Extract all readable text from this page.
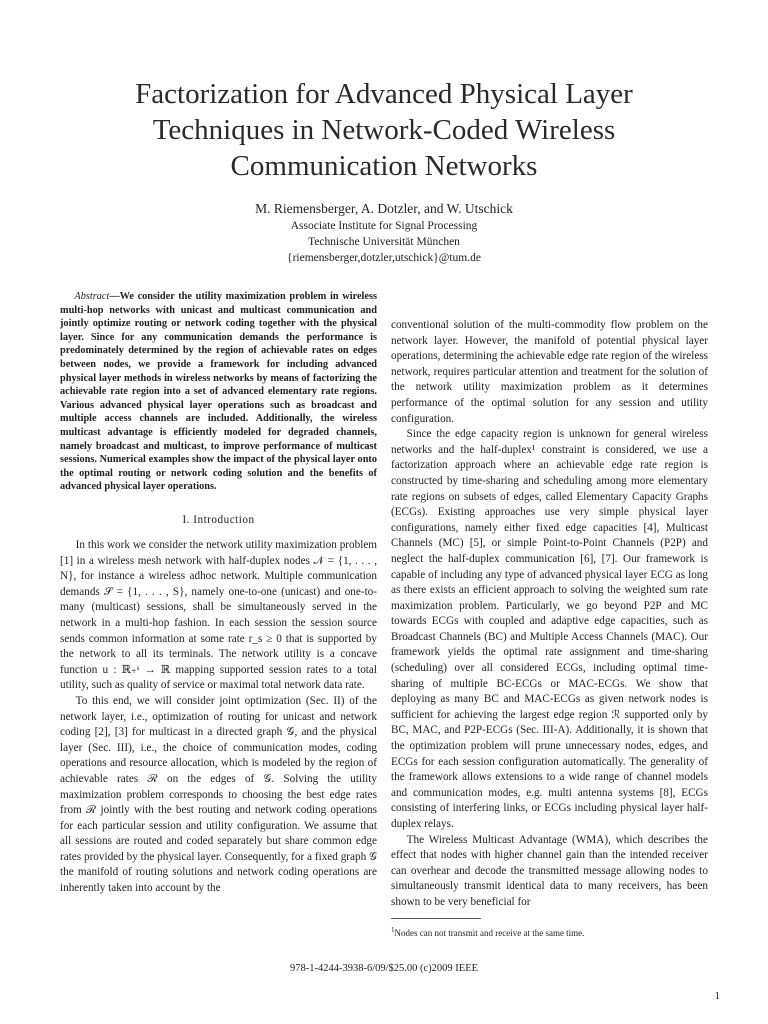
Factorization for Advanced Physical Layer Techniques in Network-Coded Wireless Communication Networks
M. Riemensberger, A. Dotzler, and W. Utschick
Associate Institute for Signal Processing
Technische Universität München
{riemensberger,dotzler,utschick}@tum.de
Abstract—We consider the utility maximization problem in wireless multi-hop networks with unicast and multicast communication and jointly optimize routing or network coding together with the physical layer. Since for any communication demands the performance is predominately determined by the region of achievable rates on edges between nodes, we provide a framework for including advanced physical layer methods in wireless networks by means of factorizing the achievable rate region into a set of advanced elementary rate regions. Various advanced physical layer operations such as broadcast and multiple access channels are included. Additionally, the wireless multicast advantage is efficiently modeled for degraded channels, namely broadcast and multicast, to improve performance of multicast sessions. Numerical examples show the impact of the physical layer onto the optimal routing or network coding solution and the benefits of advanced physical layer operations.
I. Introduction

In this work we consider the network utility maximization problem [1] in a wireless mesh network with half-duplex nodes 𝒩 = {1, . . . , N}, for instance a wireless adhoc network. Multiple communication demands 𝒮 = {1, . . . , S}, namely one-to-one (unicast) and one-to-many (multicast) sessions, shall be simultaneously served in the network in a multi-hop fashion. In each session the session source sends common information at some rate r_s ≥ 0 that is supported by the network to all its terminals. The network utility is a concave function u : ℝ₊ˢ → ℝ mapping supported session rates to a total utility, such as quality of service or maximal total network data rate.

To this end, we will consider joint optimization (Sec. II) of the network layer, i.e., optimization of routing for unicast and network coding [2], [3] for multicast in a directed graph 𝒢, and the physical layer (Sec. III), i.e., the choice of communication modes, coding operations and resource allocation, which is modeled by the region of achievable rates ℛ on the edges of 𝒢. Solving the utility maximization problem corresponds to choosing the best edge rates from ℛ jointly with the best routing and network coding operations for each particular session and utility configuration. We assume that all sessions are routed and coded separately but share common edge rates provided by the physical layer. Consequently, for a fixed graph 𝒢 the manifold of routing solutions and network coding operations are inherently taken into account by the

conventional solution of the multi-commodity flow problem on the network layer. However, the manifold of potential physical layer operations, determining the achievable edge rate region of the wireless network, requires particular attention and treatment for the solution of the network utility maximization problem as it determines performance of the optimal solution for any session and utility configuration.

Since the edge capacity region is unknown for general wireless networks and the half-duplex¹ constraint is considered, we use a factorization approach where an achievable edge rate region is constructed by time-sharing and scheduling among more elementary rate regions on subsets of edges, called Elementary Capacity Graphs (ECGs). Existing approaches use very simple physical layer configurations, namely either fixed edge capacities [4], Multicast Channels (MC) [5], or simple Point-to-Point Channels (P2P) and neglect the half-duplex communication [6], [7]. Our framework is capable of including any type of advanced physical layer ECG as long as there exists an efficient approach to solving the weighted sum rate maximization problem. Particularly, we go beyond P2P and MC towards ECGs with coupled and adaptive edge capacities, such as Broadcast Channels (BC) and Multiple Access Channels (MAC). Our framework yields the optimal rate assignment and time-sharing (scheduling) over all considered ECGs, including optimal time-sharing of multiple BC-ECGs or MAC-ECGs. We show that deploying as many BC and MAC-ECGs as given network nodes is sufficient for achieving the largest edge region ℛ supported only by BC, MAC, and P2P-ECGs (Sec. III-A). Additionally, it is shown that the optimization problem will prune unnecessary nodes, edges, and ECGs for each session configuration automatically. The generality of the framework allows extensions to a wide range of channel models and communication modes, e.g. multi antenna systems [8], ECGs consisting of interfering links, or ECGs including physical layer half-duplex relays.

The Wireless Multicast Advantage (WMA), which describes the effect that nodes with higher channel gain than the intended receiver can overhear and decode the transmitted message allowing nodes to simultaneously transmit identical data to many receivers, has been shown to be very beneficial for

$^1$Nodes can not transmit and receive at the same time.
978-1-4244-3938-6/09/$25.00 (c)2009 IEEE
1
